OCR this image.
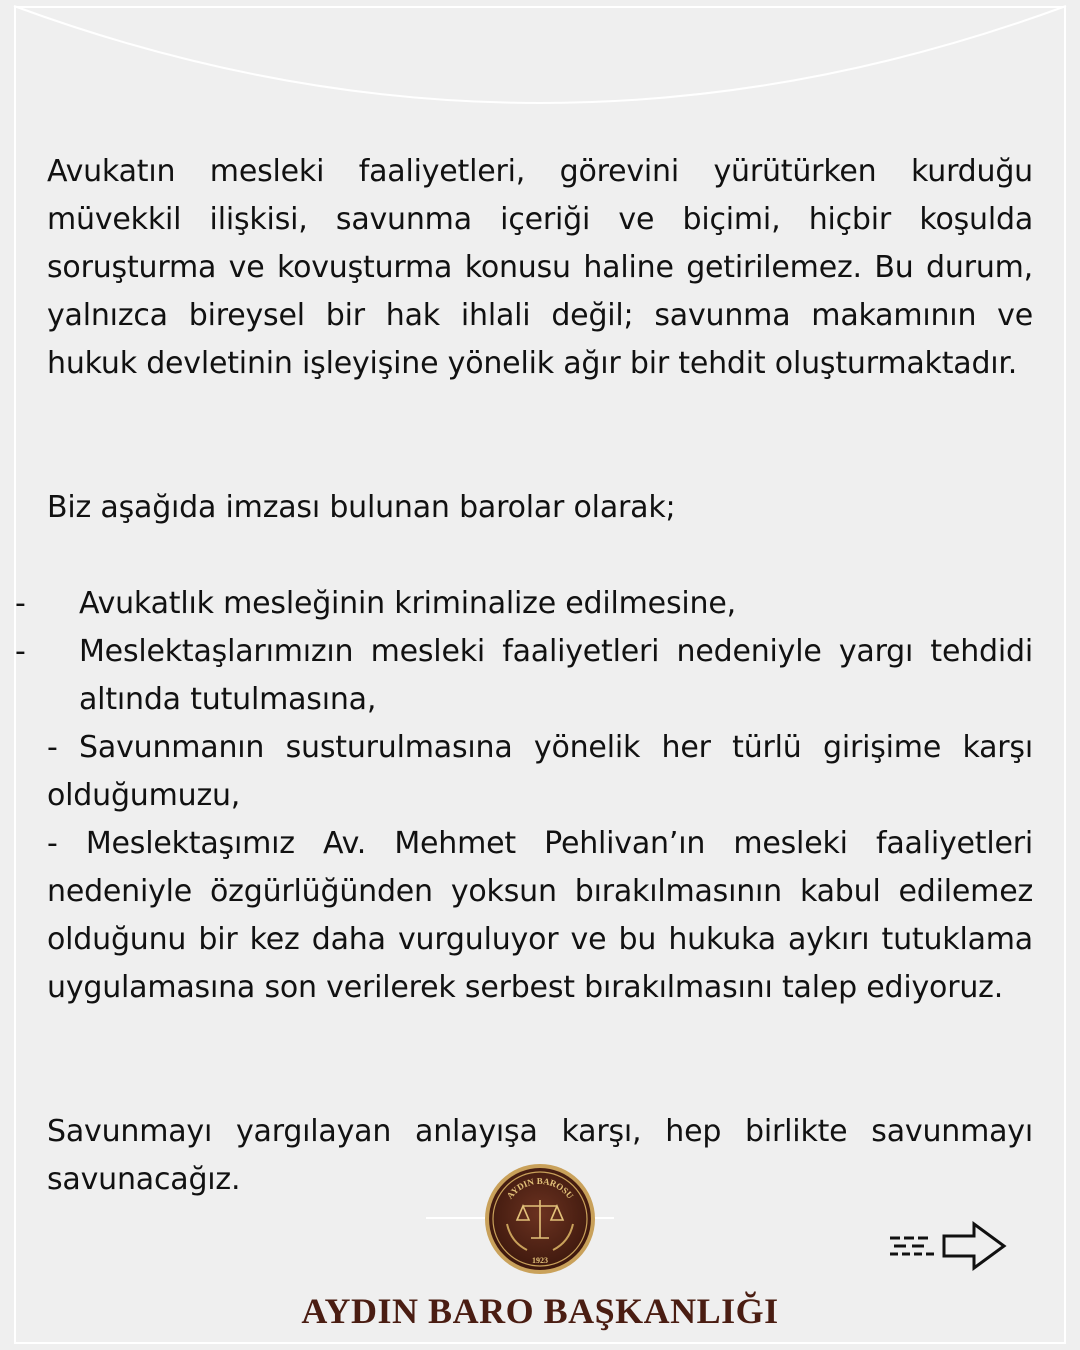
Avukatın mesleki faaliyetleri, görevini yürütürken kurduğu müvekkil ilişkisi, savunma içeriği ve biçimi, hiçbir koşulda soruşturma ve kovuşturma konusu haline getirilemez. Bu durum, yalnızca bireysel bir hak ihlali değil; savunma makamının ve hukuk devletinin işleyişine yönelik ağır bir tehdit oluşturmaktadır.

Biz aşağıda imzası bulunan barolar olarak;

- Avukatlık mesleğinin kriminalize edilmesine,
- Meslektaşlarımızın mesleki faaliyetleri nedeniyle yargı tehdidi altında tutulmasına,
- Savunmanın susturulmasına yönelik her türlü girişime karşı olduğumuzu,
- Meslektaşımız Av. Mehmet Pehlivan’ın mesleki faaliyetleri nedeniyle özgürlüğünden yoksun bırakılmasının kabul edilemez olduğunu bir kez daha vurguluyor ve bu hukuka aykırı tutuklama uygulamasına son verilerek serbest bırakılmasını talep ediyoruz.

Savunmayı yargılayan anlayışa karşı, hep birlikte savunmayı savunacağız.	AYDIN BAROSU
1923
AYDIN BARO BAŞKANLIĞI
